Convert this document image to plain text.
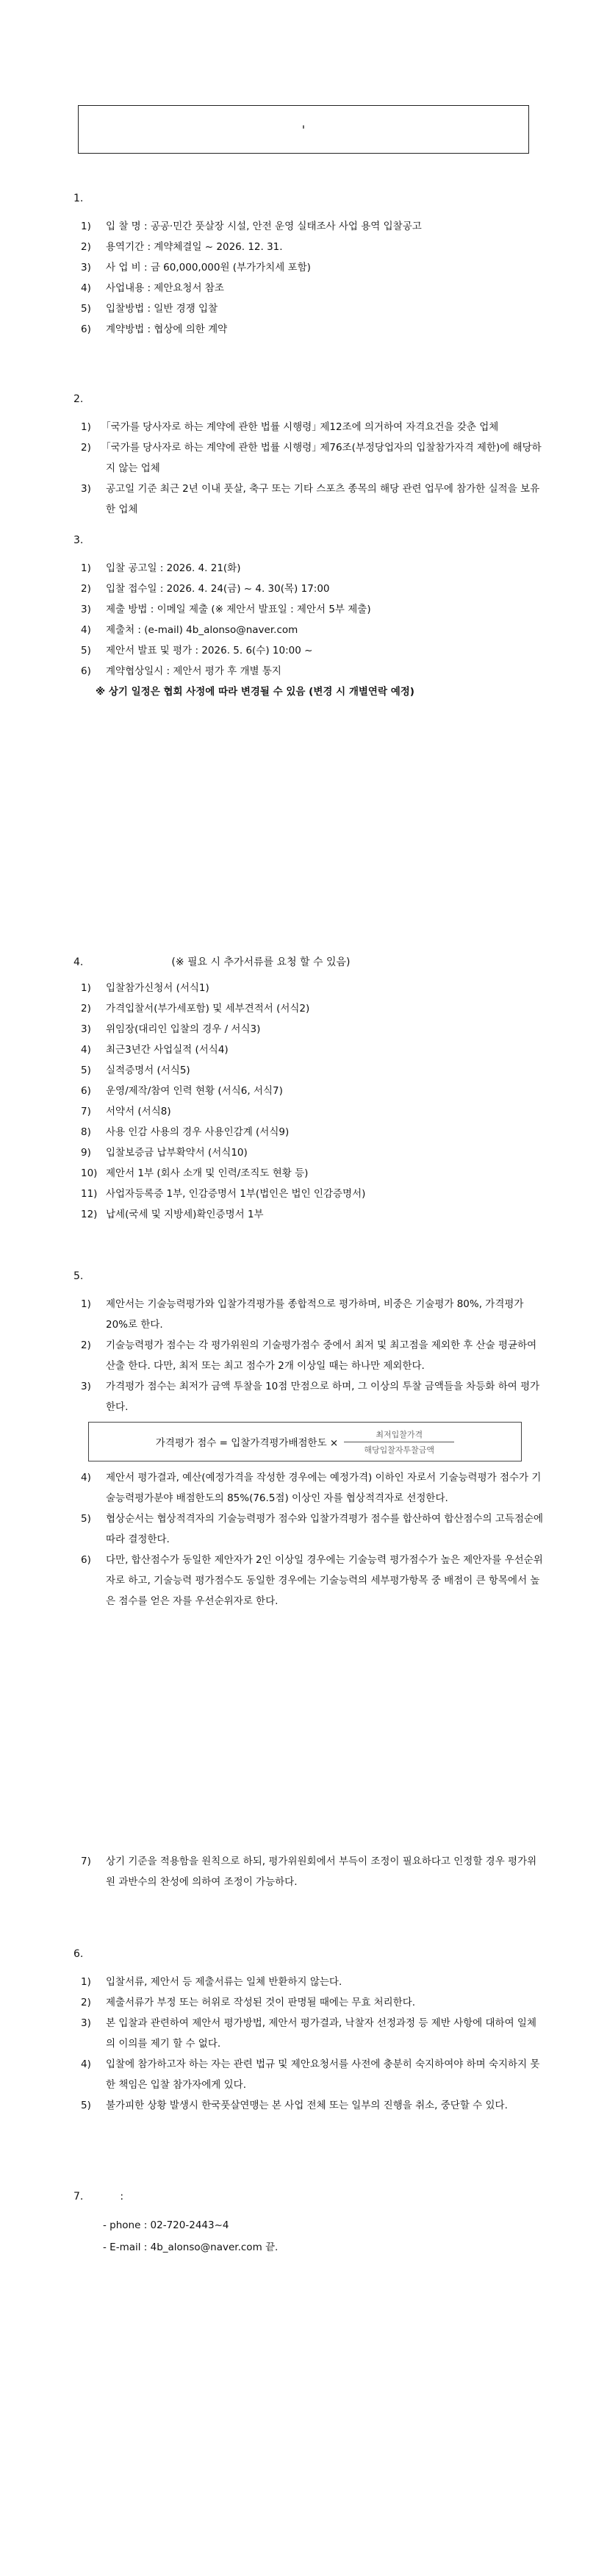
'
1.
1)	입 찰 명 : 공공·민간 풋살장 시설, 안전 운영 실태조사 사업 용역 입찰공고
2)	용역기간 : 계약체결일 ~ 2026. 12. 31.
3)	사 업 비 : 금 60,000,000원 (부가가치세 포함)
4)	사업내용 : 제안요청서 참조
5)	입찰방법 : 일반 경쟁 입찰
6)	계약방법 : 협상에 의한 계약
2.
1)	｢국가를 당사자로 하는 계약에 관한 법률 시행령｣ 제12조에 의거하여 자격요건을 갖춘 업체
2)	｢국가를 당사자로 하는 계약에 관한 법률 시행령｣ 제76조(부정당업자의 입찰참가자격 제한)에 해당하지 않는 업체
3)	공고일 기준 최근 2년 이내 풋살, 축구 또는 기타 스포츠 종목의 해당 관련 업무에 참가한 실적을 보유한 업체
3.
1)	입찰 공고일 : 2026. 4. 21(화)
2)	입찰 접수일 : 2026. 4. 24(금) ~ 4. 30(목) 17:00
3)	제출 방법 : 이메일 제출 (※ 제안서 발표일 : 제안서 5부 제출)
4)	제출처 : (e-mail) 4b_alonso@naver.com
5)	제안서 발표 및 평가 : 2026. 5. 6(수) 10:00 ~
6)	계약협상일시 : 제안서 평가 후 개별 통지
※ 상기 일정은 협회 사정에 따라 변경될 수 있음 (변경 시 개별연락 예정)
4.	(※ 필요 시 추가서류를 요청 할 수 있음)
1)	입찰참가신청서 (서식1)
2)	가격입찰서(부가세포함) 및 세부견적서 (서식2)
3)	위임장(대리인 입찰의 경우 / 서식3)
4)	최근3년간 사업실적 (서식4)
5)	실적증명서 (서식5)
6)	운영/제작/참여 인력 현황 (서식6, 서식7)
7)	서약서 (서식8)
8)	사용 인감 사용의 경우 사용인감계 (서식9)
9)	입찰보증금 납부확약서 (서식10)
10) 제안서 1부 (회사 소개 및 인력/조직도 현황 등)
11) 사업자등록증 1부, 인감증명서 1부(법인은 법인 인감증명서)
12) 납세(국세 및 지방세)확인증명서 1부
5.
1)	제안서는 기술능력평가와 입찰가격평가를 종합적으로 평가하며, 비중은 기술평가 80%, 가격평가 20%로 한다.
2)	기술능력평가 점수는 각 평가위원의 기술평가점수 중에서 최저 및 최고점을 제외한 후 산술 평균하여 산출 한다. 다만, 최저 또는 최고 점수가 2개 이상일 때는 하나만 제외한다.
3)	가격평가 점수는 최저가 금액 투찰을 10점 만점으로 하며, 그 이상의 투찰 금액들을 차등화 하여 평가한다.
가격평가 점수 = 입찰가격평가배점한도 × $\frac{\text{최저입찰가격}}{\text{해당입찰자투찰금액}}$
4)	제안서 평가결과, 예산(예정가격을 작성한 경우에는 예정가격) 이하인 자로서 기술능력평가 점수가 기술능력평가분야 배점한도의 85%(76.5점) 이상인 자를 협상적격자로 선정한다.
5)	협상순서는 협상적격자의 기술능력평가 점수와 입찰가격평가 점수를 합산하여 합산점수의 고득점순에 따라 결정한다.
6)	다만, 합산점수가 동일한 제안자가 2인 이상일 경우에는 기술능력 평가점수가 높은 제안자를 우선순위자로 하고, 기술능력 평가점수도 동일한 경우에는 기술능력의 세부평가항목 중 배점이 큰 항목에서 높은 점수를 얻은 자를 우선순위자로 한다.
7)	상기 기준을 적용함을 원칙으로 하되, 평가위원회에서 부득이 조정이 필요하다고 인정할 경우 평가위원 과반수의 찬성에 의하여 조정이 가능하다.
6.
1)	입찰서류, 제안서 등 제출서류는 일체 반환하지 않는다.
2)	제출서류가 부정 또는 허위로 작성된 것이 판명될 때에는 무효 처리한다.
3)	본 입찰과 관련하여 제안서 평가방법, 제안서 평가결과, 낙찰자 선정과정 등 제반 사항에 대하여 일체의 이의를 제기 할 수 없다.
4)	입찰에 참가하고자 하는 자는 관련 법규 및 제안요청서를 사전에 충분히 숙지하여야 하며 숙지하지 못한 책임은 입찰 참가자에게 있다.
5)	불가피한 상황 발생시 한국풋살연맹는 본 사업 전체 또는 일부의 진행을 취소, 중단할 수 있다.
7.	:
- phone : 02-720-2443~4
- E-mail : 4b_alonso@naver.com 끝.
